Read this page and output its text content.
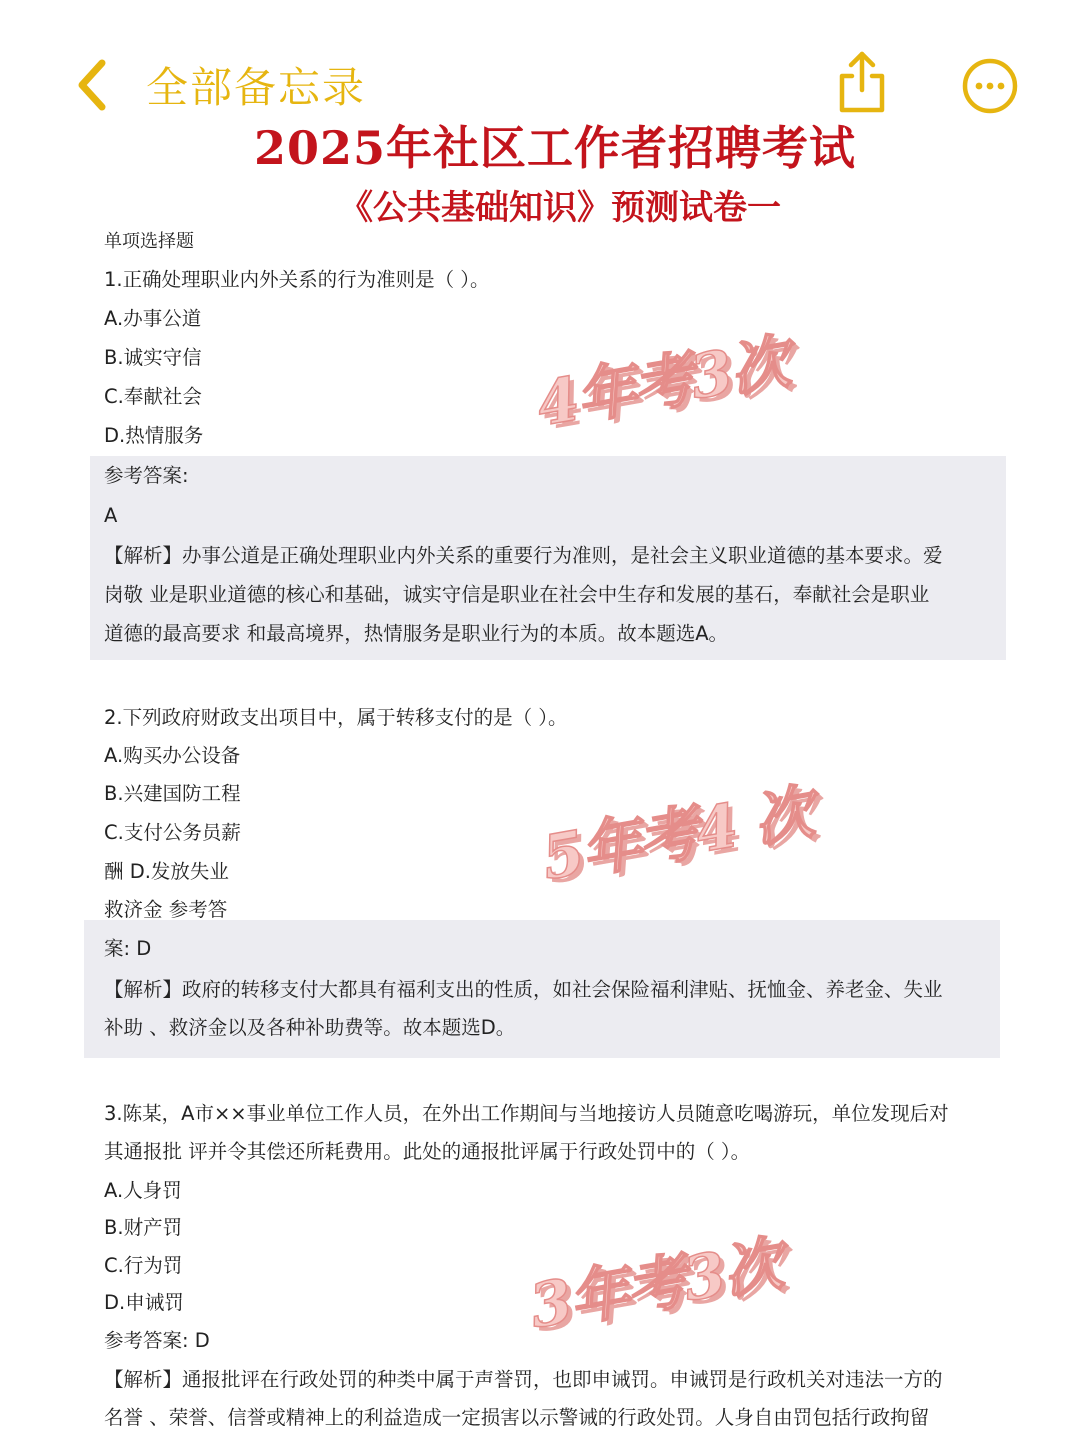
全部备忘录
2025年社区工作者招聘考试
《公共基础知识》预测试卷一
单项选择题
1.正确处理职业内外关系的行为准则是（ ）。
A.办事公道
B.诚实守信
C.奉献社会
D.热情服务
参考答案:
A
【解析】办事公道是正确处理职业内外关系的重要行为准则，是社会主义职业道德的基本要求。爱
岗敬 业是职业道德的核心和基础，诚实守信是职业在社会中生存和发展的基石，奉献社会是职业
道德的最高要求 和最高境界，热情服务是职业行为的本质。故本题选A。
2.下列政府财政支出项目中，属于转移支付的是（ ）。
A.购买办公设备
B.兴建国防工程
C.支付公务员薪
酬 D.发放失业
救济金 参考答
案: D
【解析】政府的转移支付大都具有福利支出的性质，如社会保险福利津贴、抚恤金、养老金、失业
补助 、救济金以及各种补助费等。故本题选D。
3.陈某，A市××事业单位工作人员，在外出工作期间与当地接访人员随意吃喝游玩，单位发现后对
其通报批 评并令其偿还所耗费用。此处的通报批评属于行政处罚中的（ ）。
A.人身罚
B.财产罚
C.行为罚
D.申诫罚
参考答案: D
【解析】通报批评在行政处罚的种类中属于声誉罚，也即申诫罚。申诫罚是行政机关对违法一方的
名誉 、荣誉、信誉或精神上的利益造成一定损害以示警诫的行政处罚。人身自由罚包括行政拘留
4年考3次
5年考4 次
3年考3次
